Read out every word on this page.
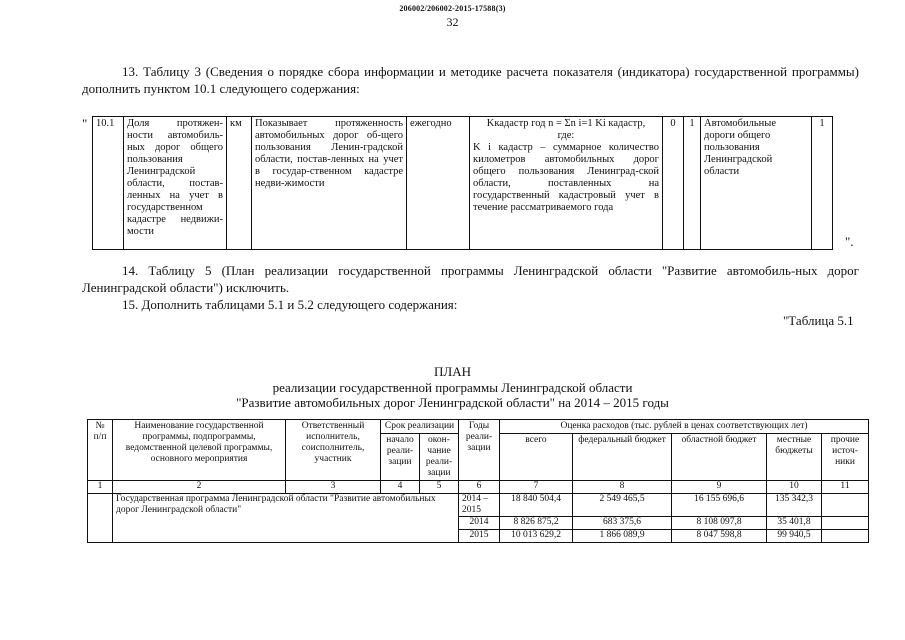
206002/206002-2015-17588(3)
32
13. Таблицу 3 (Сведения о порядке сбора информации и методике расчета показателя (индикатора) государственной программы) дополнить пунктом 10.1 следующего содержания:
" 10.1	Доля протяжен-ности автомобиль-ных дорог общего пользования Ленинградской области, постав-ленных на учет в государственном кадастре недвижи-мости	км	Показывает протяженность автомобильных дорог об-щего пользования Ленин-градской области, постав-ленных на учет в государ-ственном кадастре недви-жимости	ежегодно	Kкадастр год n = Σn i=1 Ki кадастр,
где:
K i кадастр – суммарное количество километров автомобильных дорог общего пользования Ленинград-ской области, поставленных на государственный кадастровый учет в течение рассматриваемого года
	0	1	Автомобильные дороги общего пользования Ленинградской области	1
".
14. Таблицу 5 (План реализации государственной программы Ленинградской области "Развитие автомобиль-ных дорог Ленинградской области") исключить.
15. Дополнить таблицами 5.1 и 5.2 следующего содержания:
"Таблица 5.1
ПЛАН
реализации государственной программы Ленинградской области
"Развитие автомобильных дорог Ленинградской области" на 2014 – 2015 годы
№ п/п	Наименование государственной программы, подпрограммы, ведомственной целевой программы, основного мероприятия	Ответственный исполнитель, соисполнитель, участник	Срок реализации		Годы реали-зации	Оценка расходов (тыс. рублей в ценах соответствующих лет)				
			начало реали-зации	окон-чание реали-зации		всего	федеральный бюджет	областной бюджет	местные бюджеты	прочие источ-ники
1	2	3	4	5	6	7	8	9	10	11
	Государственная программа Ленинградской области "Развитие автомобильных дорог Ленинградской области"				2014 – 2015	18 840 504,4	2 549 465,5	16 155 696,6	135 342,3	
					2014	8 826 875,2	683 375,6	8 108 097,8	35 401,8	
					2015	10 013 629,2	1 866 089,9	8 047 598,8	99 940,5	
